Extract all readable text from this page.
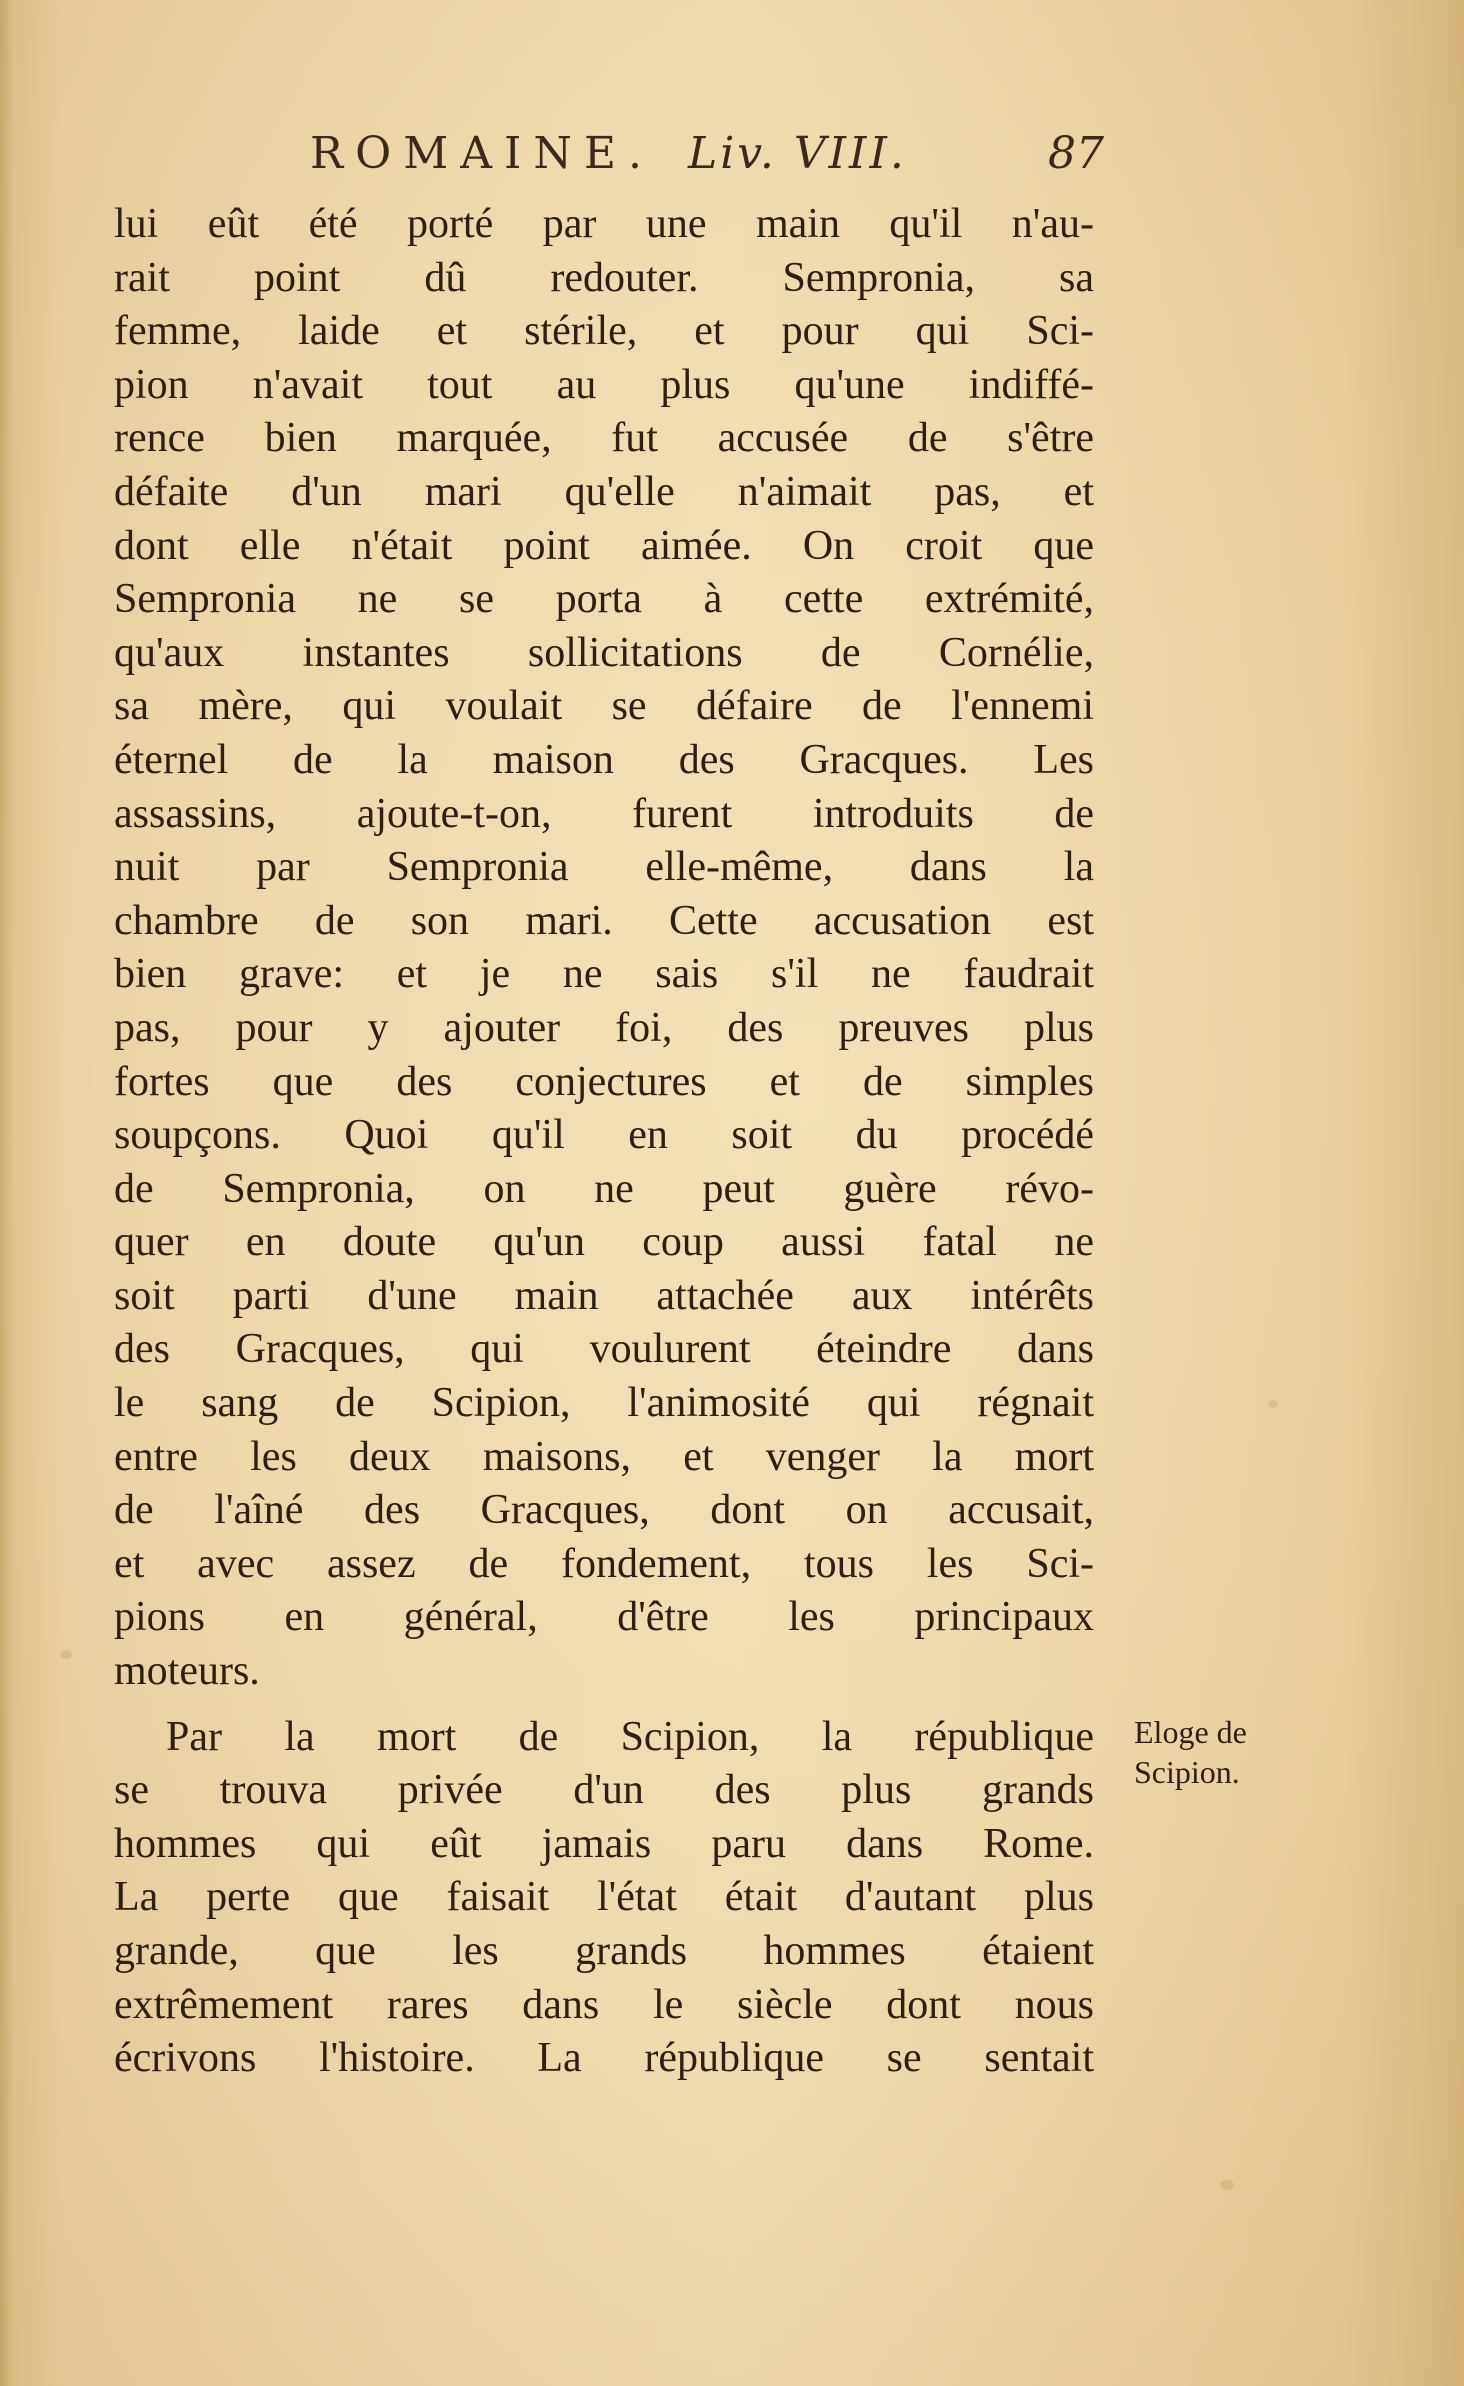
ROMAINE. Liv. VIII.	87
lui eût été porté par une main qu'il n'au-
rait point dû redouter. Sempronia, sa
femme, laide et stérile, et pour qui Sci-
pion n'avait tout au plus qu'une indiffé-
rence bien marquée, fut accusée de s'être
défaite d'un mari qu'elle n'aimait pas, et
dont elle n'était point aimée. On croit que
Sempronia ne se porta à cette extrémité,
qu'aux instantes sollicitations de Cornélie,
sa mère, qui voulait se défaire de l'ennemi
éternel de la maison des Gracques. Les
assassins, ajoute-t-on, furent introduits de
nuit par Sempronia elle-même, dans la
chambre de son mari. Cette accusation est
bien grave: et je ne sais s'il ne faudrait
pas, pour y ajouter foi, des preuves plus
fortes que des conjectures et de simples
soupçons. Quoi qu'il en soit du procédé
de Sempronia, on ne peut guère révo-
quer en doute qu'un coup aussi fatal ne
soit parti d'une main attachée aux intérêts
des Gracques, qui voulurent éteindre dans
le sang de Scipion, l'animosité qui régnait
entre les deux maisons, et venger la mort
de l'aîné des Gracques, dont on accusait,
et avec assez de fondement, tous les Sci-
pions en général, d'être les principaux
moteurs.
Par la mort de Scipion, la république
se trouva privée d'un des plus grands
hommes qui eût jamais paru dans Rome.
La perte que faisait l'état était d'autant plus
grande, que les grands hommes étaient
extrêmement rares dans le siècle dont nous
écrivons l'histoire. La république se sentait
Eloge de
Scipion.
